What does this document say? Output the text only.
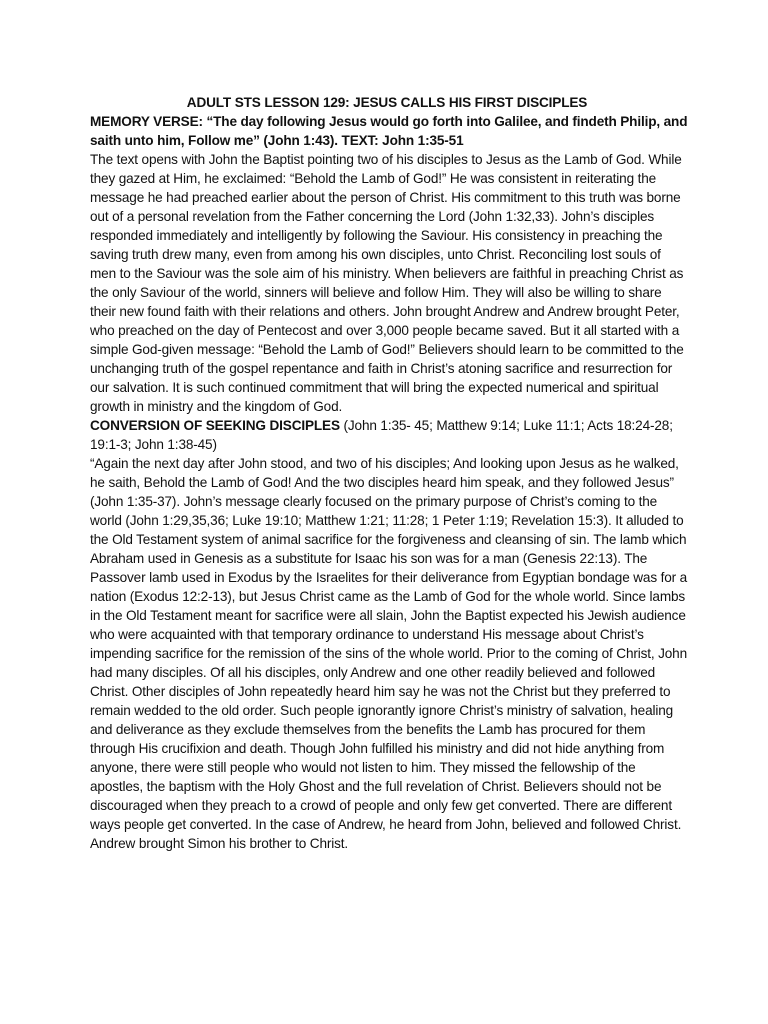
ADULT STS LESSON 129: JESUS CALLS HIS FIRST DISCIPLES

MEMORY VERSE: “The day following Jesus would go forth into Galilee, and findeth Philip, and saith unto him, Follow me” (John 1:43). TEXT: John 1:35-51

The text opens with John the Baptist pointing two of his disciples to Jesus as the Lamb of God. While they gazed at Him, he exclaimed: “Behold the Lamb of God!” He was consistent in reiterating the message he had preached earlier about the person of Christ. His commitment to this truth was borne out of a personal revelation from the Father concerning the Lord (John 1:32,33). John’s disciples responded immediately and intelligently by following the Saviour. His consistency in preaching the saving truth drew many, even from among his own disciples, unto Christ. Reconciling lost souls of men to the Saviour was the sole aim of his ministry. When believers are faithful in preaching Christ as the only Saviour of the world, sinners will believe and follow Him. They will also be willing to share their new found faith with their relations and others. John brought Andrew and Andrew brought Peter, who preached on the day of Pentecost and over 3,000 people became saved. But it all started with a simple God-given message: “Behold the Lamb of God!” Believers should learn to be committed to the unchanging truth of the gospel repentance and faith in Christ’s atoning sacrifice and resurrection for our salvation. It is such continued commitment that will bring the expected numerical and spiritual growth in ministry and the kingdom of God.

CONVERSION OF SEEKING DISCIPLES (John 1:35- 45; Matthew 9:14; Luke 11:1; Acts 18:24-28; 19:1-3; John 1:38-45)

“Again the next day after John stood, and two of his disciples; And looking upon Jesus as he walked, he saith, Behold the Lamb of God! And the two disciples heard him speak, and they followed Jesus” (John 1:35-37). John’s message clearly focused on the primary purpose of Christ’s coming to the world (John 1:29,35,36; Luke 19:10; Matthew 1:21; 11:28; 1 Peter 1:19; Revelation 15:3). It alluded to the Old Testament system of animal sacrifice for the forgiveness and cleansing of sin. The lamb which Abraham used in Genesis as a substitute for Isaac his son was for a man (Genesis 22:13). The Passover lamb used in Exodus by the Israelites for their deliverance from Egyptian bondage was for a nation (Exodus 12:2-13), but Jesus Christ came as the Lamb of God for the whole world. Since lambs in the Old Testament meant for sacrifice were all slain, John the Baptist expected his Jewish audience who were acquainted with that temporary ordinance to understand His message about Christ’s impending sacrifice for the remission of the sins of the whole world. Prior to the coming of Christ, John had many disciples. Of all his disciples, only Andrew and one other readily believed and followed Christ. Other disciples of John repeatedly heard him say he was not the Christ but they preferred to remain wedded to the old order. Such people ignorantly ignore Christ’s ministry of salvation, healing and deliverance as they exclude themselves from the benefits the Lamb has procured for them through His crucifixion and death. Though John fulfilled his ministry and did not hide anything from anyone, there were still people who would not listen to him. They missed the fellowship of the apostles, the baptism with the Holy Ghost and the full revelation of Christ. Believers should not be discouraged when they preach to a crowd of people and only few get converted. There are different ways people get converted. In the case of Andrew, he heard from John, believed and followed Christ. Andrew brought Simon his brother to Christ.
